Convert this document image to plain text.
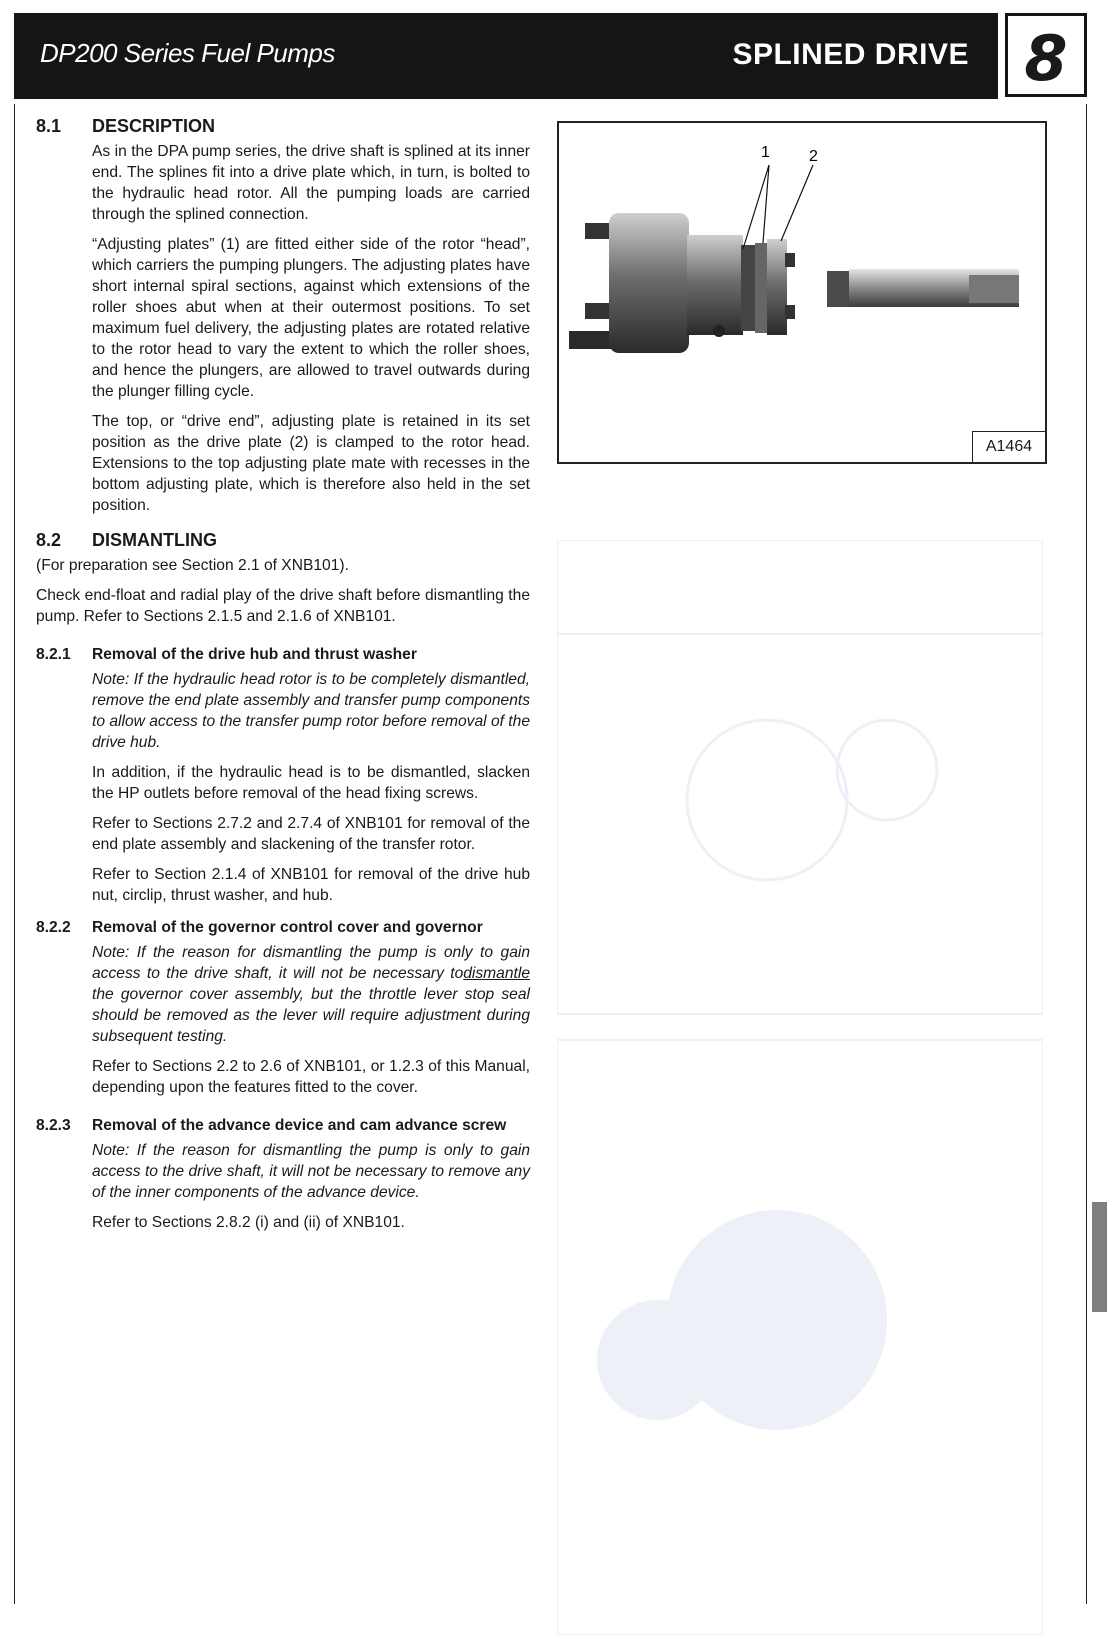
DP200 Series Fuel Pumps	SPLINED DRIVE 8
8.1	DESCRIPTION

As in the DPA pump series, the drive shaft is splined at its inner end. The splines fit into a drive plate which, in turn, is bolted to the hydraulic head rotor. All the pumping loads are carried through the splined connection.

“Adjusting plates” (1) are fitted either side of the rotor “head”, which carriers the pumping plungers. The adjusting plates have short internal spiral sections, against which extensions of the roller shoes abut when at their outermost positions. To set maximum fuel delivery, the adjusting plates are rotated relative to the rotor head to vary the extent to which the roller shoes, and hence the plungers, are allowed to travel outwards during the plunger filling cycle.

The top, or “drive end”, adjusting plate is retained in its set position as the drive plate (2) is clamped to the rotor head. Extensions to the top adjusting plate mate with recesses in the bottom adjusting plate, which is therefore also held in the set position.

8.2	DISMANTLING

(For preparation see Section 2.1 of XNB101).

Check end-float and radial play of the drive shaft before dismantling the pump. Refer to Sections 2.1.5 and 2.1.6 of XNB101.

8.2.1	Removal of the drive hub and thrust washer

Note: If the hydraulic head rotor is to be completely dismantled, remove the end plate assembly and transfer pump components to allow access to the transfer pump rotor before removal of the drive hub.

In addition, if the hydraulic head is to be dismantled, slacken the HP outlets before removal of the head fixing screws.

Refer to Sections 2.7.2 and 2.7.4 of XNB101 for removal of the end plate assembly and slackening of the transfer rotor.

Refer to Section 2.1.4 of XNB101 for removal of the drive hub nut, circlip, thrust washer, and hub.

8.2.2	Removal of the governor control cover and governor

Note: If the reason for dismantling the pump is only to gain access to the drive shaft, it will not be necessary todismantle the governor cover assembly, but the throttle lever stop seal should be removed as the lever will require adjustment during subsequent testing.

Refer to Sections 2.2 to 2.6 of XNB101, or 1.2.3 of this Manual, depending upon the features fitted to the cover.

8.2.3	Removal of the advance device and cam advance screw

Note: If the reason for dismantling the pump is only to gain access to the drive shaft, it will not be necessary to remove any of the inner components of the advance device.

Refer to Sections 2.8.2 (i) and (ii) of XNB101.

1 2
A1464
